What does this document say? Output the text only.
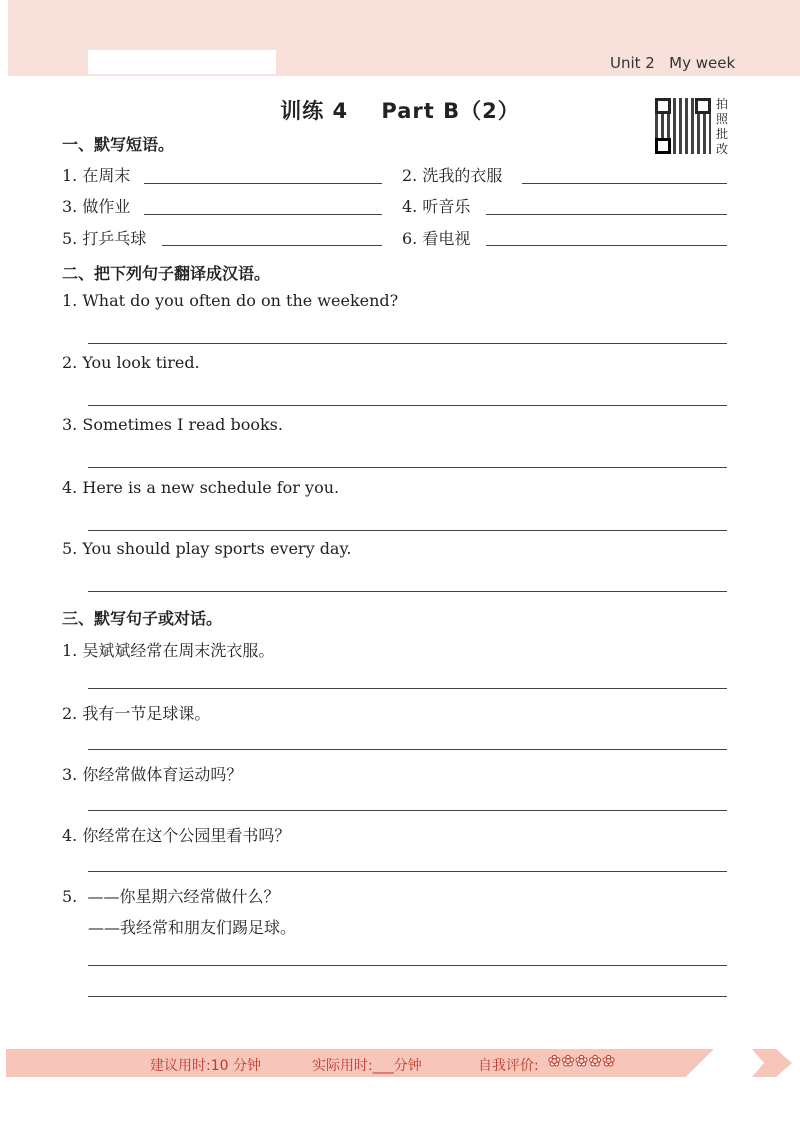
Unit 2   My week
训练 4    Part B（2）	拍照批改
一、默写短语。
1. 在周末	2. 洗我的衣服
3. 做作业	4. 听音乐
5. 打乒乓球	6. 看电视
二、把下列句子翻译成汉语。
1. What do you often do on the weekend?
2. You look tired.
3. Sometimes I read books.
4. Here is a new schedule for you.
5. You should play sports every day.
三、默写句子或对话。
1. 吴斌斌经常在周末洗衣服。
2. 我有一节足球课。
3. 你经常做体育运动吗？
4. 你经常在这个公园里看书吗？
5. ——你星期六经常做什么？
——我经常和朋友们踢足球。
建议用时:10 分钟	实际用时:___分钟	自我评价: ✿✿✿✿✿
